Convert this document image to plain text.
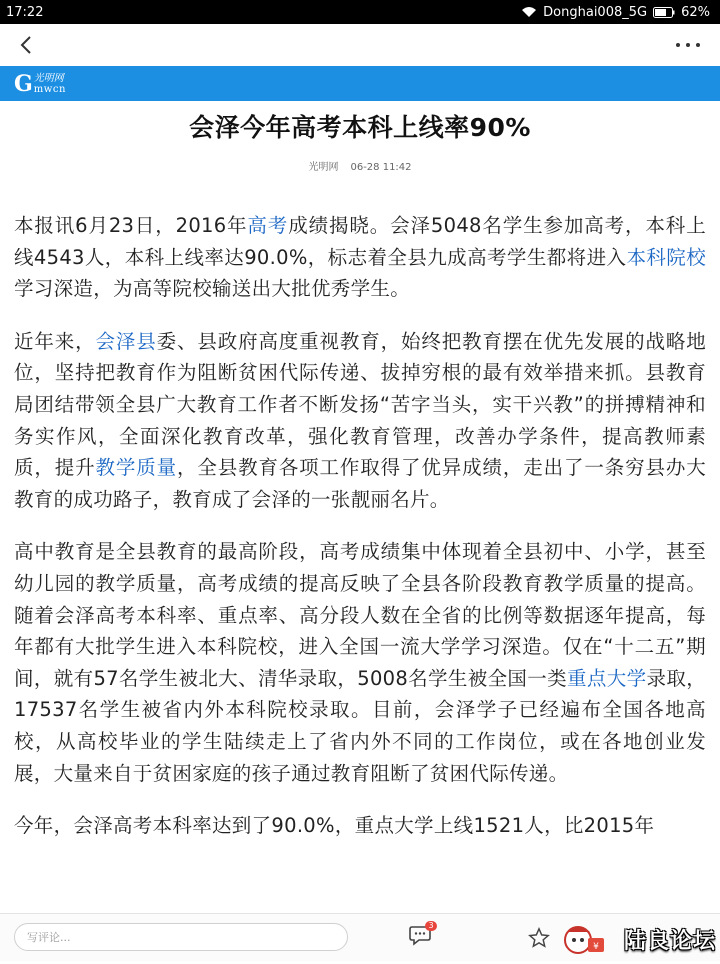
17:22	Donghai008_5G	62%
G 光明网
mwcn
会泽今年高考本科上线率90%
光明网 06-28 11:42

本报讯6月23日，2016年高考成绩揭晓。会泽5048名学生参加高考，本科上线4543人，本科上线率达90.0%，标志着全县九成高考学生都将进入本科院校学习深造，为高等院校输送出大批优秀学生。

近年来，会泽县委、县政府高度重视教育，始终把教育摆在优先发展的战略地位，坚持把教育作为阻断贫困代际传递、拔掉穷根的最有效举措来抓。县教育局团结带领全县广大教育工作者不断发扬“苦字当头，实干兴教”的拼搏精神和务实作风，全面深化教育改革，强化教育管理，改善办学条件，提高教师素质，提升教学质量，全县教育各项工作取得了优异成绩，走出了一条穷县办大教育的成功路子，教育成了会泽的一张靓丽名片。

高中教育是全县教育的最高阶段，高考成绩集中体现着全县初中、小学，甚至幼儿园的教学质量，高考成绩的提高反映了全县各阶段教育教学质量的提高。随着会泽高考本科率、重点率、高分段人数在全省的比例等数据逐年提高，每年都有大批学生进入本科院校，进入全国一流大学学习深造。仅在“十二五”期间，就有57名学生被北大、清华录取，5008名学生被全国一类重点大学录取，17537名学生被省内外本科院校录取。目前，会泽学子已经遍布全国各地高校，从高校毕业的学生陆续走上了省内外不同的工作岗位，或在各地创业发展，大量来自于贫困家庭的孩子通过教育阻断了贫困代际传递。

今年，会泽高考本科率达到了90.0%，重点大学上线1521人，比2015年

写评论...
3
¥ 陆良论坛
